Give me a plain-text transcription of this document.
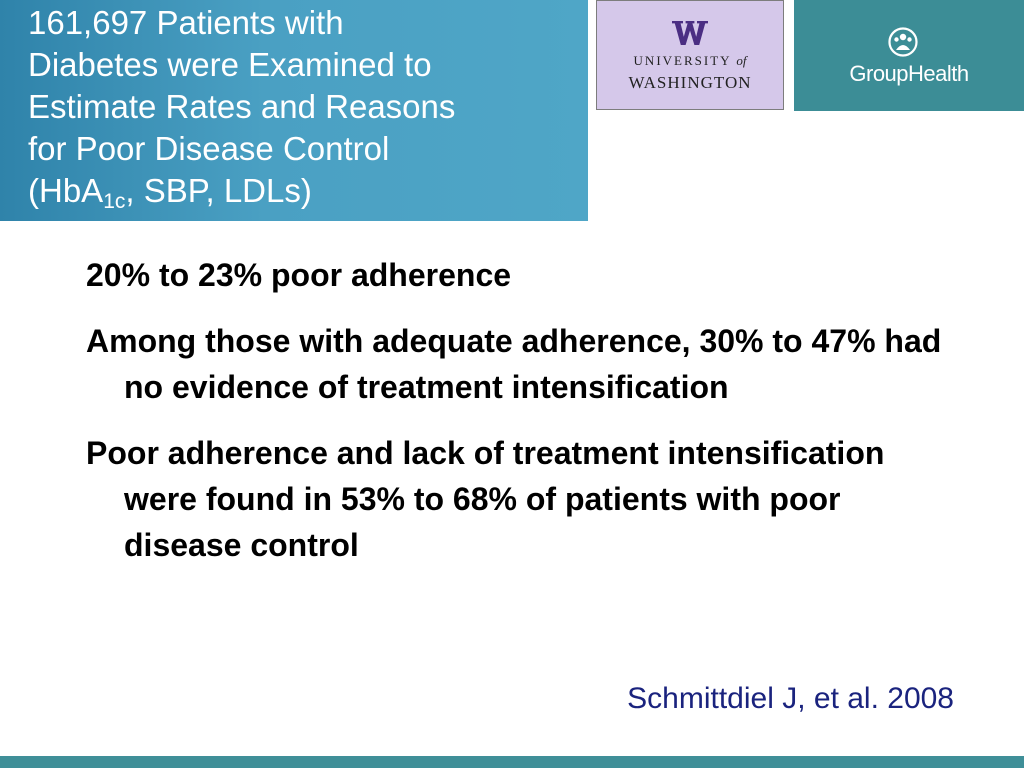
161,697 Patients with
Diabetes were Examined to
Estimate Rates and Reasons
for Poor Disease Control
(HbA$_{1c}$, SBP, LDLs)
UNIVERSITY of
WASHINGTON	GroupHealth

20% to 23% poor adherence

Among those with adequate adherence, 30% to 47% had no evidence of treatment intensification

Poor adherence and lack of treatment intensification were found in 53% to 68% of patients with poor disease control

Schmittdiel J, et al. 2008
